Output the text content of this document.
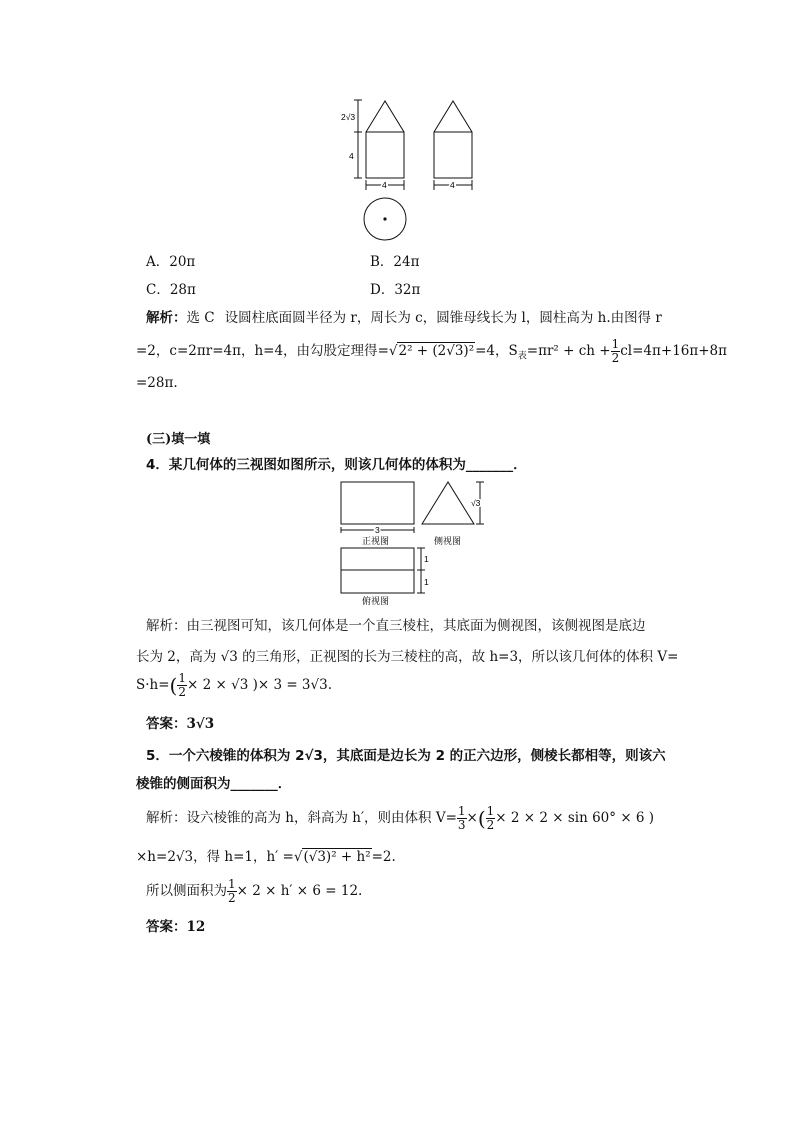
2√3
4
4	4
A．20π	B．24π
C．28π	D．32π
解析：选 C 设圆柱底面圆半径为 r，周长为 c，圆锥母线长为 l，圆柱高为 h.由图得 r
=2，c=2πr=4π，h=4，由勾股定理得=√2² + (2√3)²=4，$S_表=\pi r^2$ + ch + $\frac{1}{2} cl=4\pi+16\pi+8\pi$
=28π.
(三)填一填
4．某几何体的三视图如图所示，则该几何体的体积为_______．
3
√3
1
1
正视图	侧视图
俯视图
解析：由三视图可知，该几何体是一个直三棱柱，其底面为侧视图，该侧视图是底边
长为 2，高为 √3 的三角形，正视图的长为三棱柱的高，故 h=3，所以该几何体的体积 V=
$S\cdot h=( \frac{1}{2} \times 2 \times √3$ )× 3 = 3√3.
答案：3√3
5．一个六棱锥的体积为 2√3，其底面是边长为 2 的正六边形，侧棱长都相等，则该六
棱锥的侧面积为_______．
解析：设六棱锥的高为 h，斜高为 h′，则由体积 $V= \frac{1}{3}$ ×( $\frac{1}{2} \times 2 \times 2 \times \sin 60^\circ \times 6$ )
×h=2√3，得 h=1，h′ =√(√3)² + h²=2.
所以侧面积为 $\frac{1}{2} \times 2 \times h' \times 6 = 12$.
答案：12
